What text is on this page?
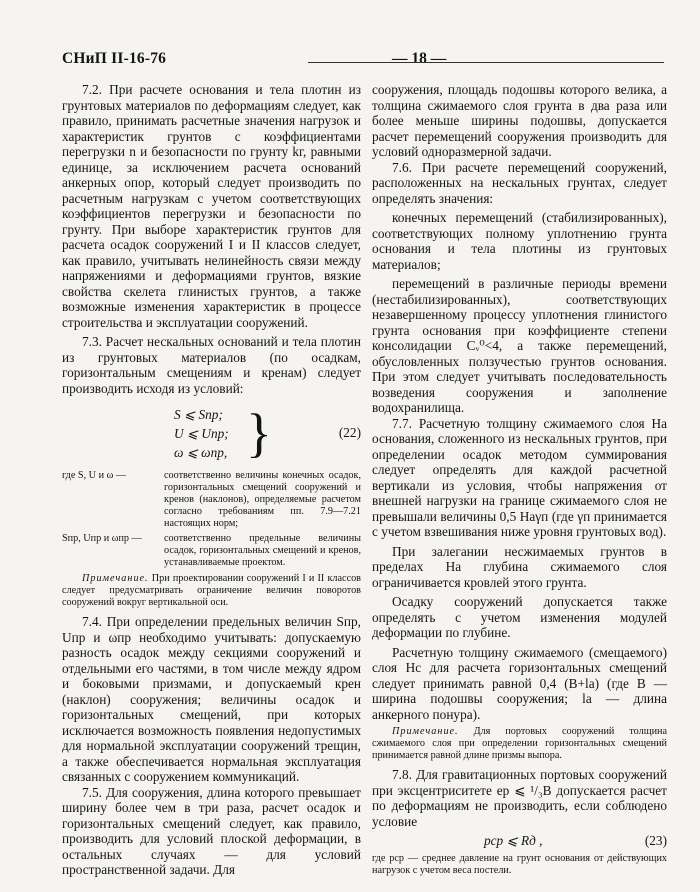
СНиП II-16-76	— 18 —

7.2. При расчете основания и тела плотин из грунтовых материалов по деформациям следует, как правило, принимать расчетные значения нагрузок и характеристик грунтов с коэффициентами перегрузки n и безопасности по грунту kг, равными единице, за исключением расчета оснований анкерных опор, который следует производить по расчетным нагрузкам с учетом соответствующих коэффициентов перегрузки и безопасности по грунту. При выборе характеристик грунтов для расчета осадок сооружений I и II классов следует, как правило, учитывать нелинейность связи между напряжениями и деформациями грунтов, вязкие свойства скелета глинистых грунтов, а также возможные изменения характеристик в процессе строительства и эксплуатации сооружений.

7.3. Расчет нескальных оснований и тела плотин из грунтовых материалов (по осадкам, горизонтальным смещениям и кренам) следует производить исходя из условий:

S ⩽ Sпр;
U ⩽ Uпр;
ω ⩽ ωпр, }	(22)
где S, U и ω —	соответственно величины конечных осадок, горизонтальных смещений сооружений и кренов (наклонов), определяемые расчетом согласно требованиям пп. 7.9—7.21 настоящих норм;
Sпр, Uпр и ωпр —	соответственно предельные величины осадок, горизонтальных смещений и кренов, устанавливаемые проектом.
Примечание. При проектировании сооружений I и II классов следует предусматривать ограничение величин поворотов сооружений вокруг вертикальной оси.

7.4. При определении предельных величин Sпр, Uпр и ωпр необходимо учитывать: допускаемую разность осадок между секциями сооружений и отдельными его частями, в том числе между ядром и боковыми призмами, и допускаемый крен (наклон) сооружения; величины осадок и горизонтальных смещений, при которых исключается возможность появления недопустимых для нормальной эксплуатации сооружений трещин, а также обеспечивается нормальная эксплуатация связанных с сооружением коммуникаций.

7.5. Для сооружения, длина которого превышает ширину более чем в три раза, расчет осадок и горизонтальных смещений следует, как правило, производить для условий плоской деформации, в остальных случаях — для условий пространственной задачи. Для

сооружения, площадь подошвы которого велика, а толщина сжимаемого слоя грунта в два раза или более меньше ширины подошвы, допускается расчет перемещений сооружения производить для условий одноразмерной задачи.

7.6. При расчете перемещений сооружений, расположенных на нескальных грунтах, следует определять значения:

конечных перемещений (стабилизированных), соответствующих полному уплотнению грунта основания и тела плотины из грунтовых материалов;

перемещений в различные периоды времени (нестабилизированных), соответствующих незавершенному процессу уплотнения глинистого грунта основания при коэффициенте степени консолидации Cᵥ⁰<4, а также перемещений, обусловленных ползучестью грунтов основания. При этом следует учитывать последовательность возведения сооружения и заполнение водохранилища.

7.7. Расчетную толщину сжимаемого слоя Hа основания, сложенного из нескальных грунтов, при определении осадок методом суммирования следует определять для каждой расчетной вертикали из условия, чтобы напряжения от внешней нагрузки на границе сжимаемого слоя не превышали величины 0,5 Hаγп (где γп принимается с учетом взвешивания ниже уровня грунтовых вод).

При залегании несжимаемых грунтов в пределах Hа глубина сжимаемого слоя ограничивается кровлей этого грунта.

Осадку сооружений допускается также определять с учетом изменения модулей деформации по глубине.

Расчетную толщину сжимаемого (смещаемого) слоя Hс для расчета горизонтальных смещений следует принимать равной 0,4 (B+lа) (где B — ширина подошвы сооружения; lа — длина анкерного понура).

Примечание. Для портовых сооружений толщина сжимаемого слоя при определении горизонтальных смещений принимается равной длине призмы выпора.

7.8. Для гравитационных портовых сооружений при эксцентриситете eр ⩽ ¹/₃B допускается расчет по деформациям не производить, если соблюдено условие

pср ⩽ Rд ,	(23)
где pср — среднее давление на грунт основания от действующих нагрузок с учетом веса постели.
